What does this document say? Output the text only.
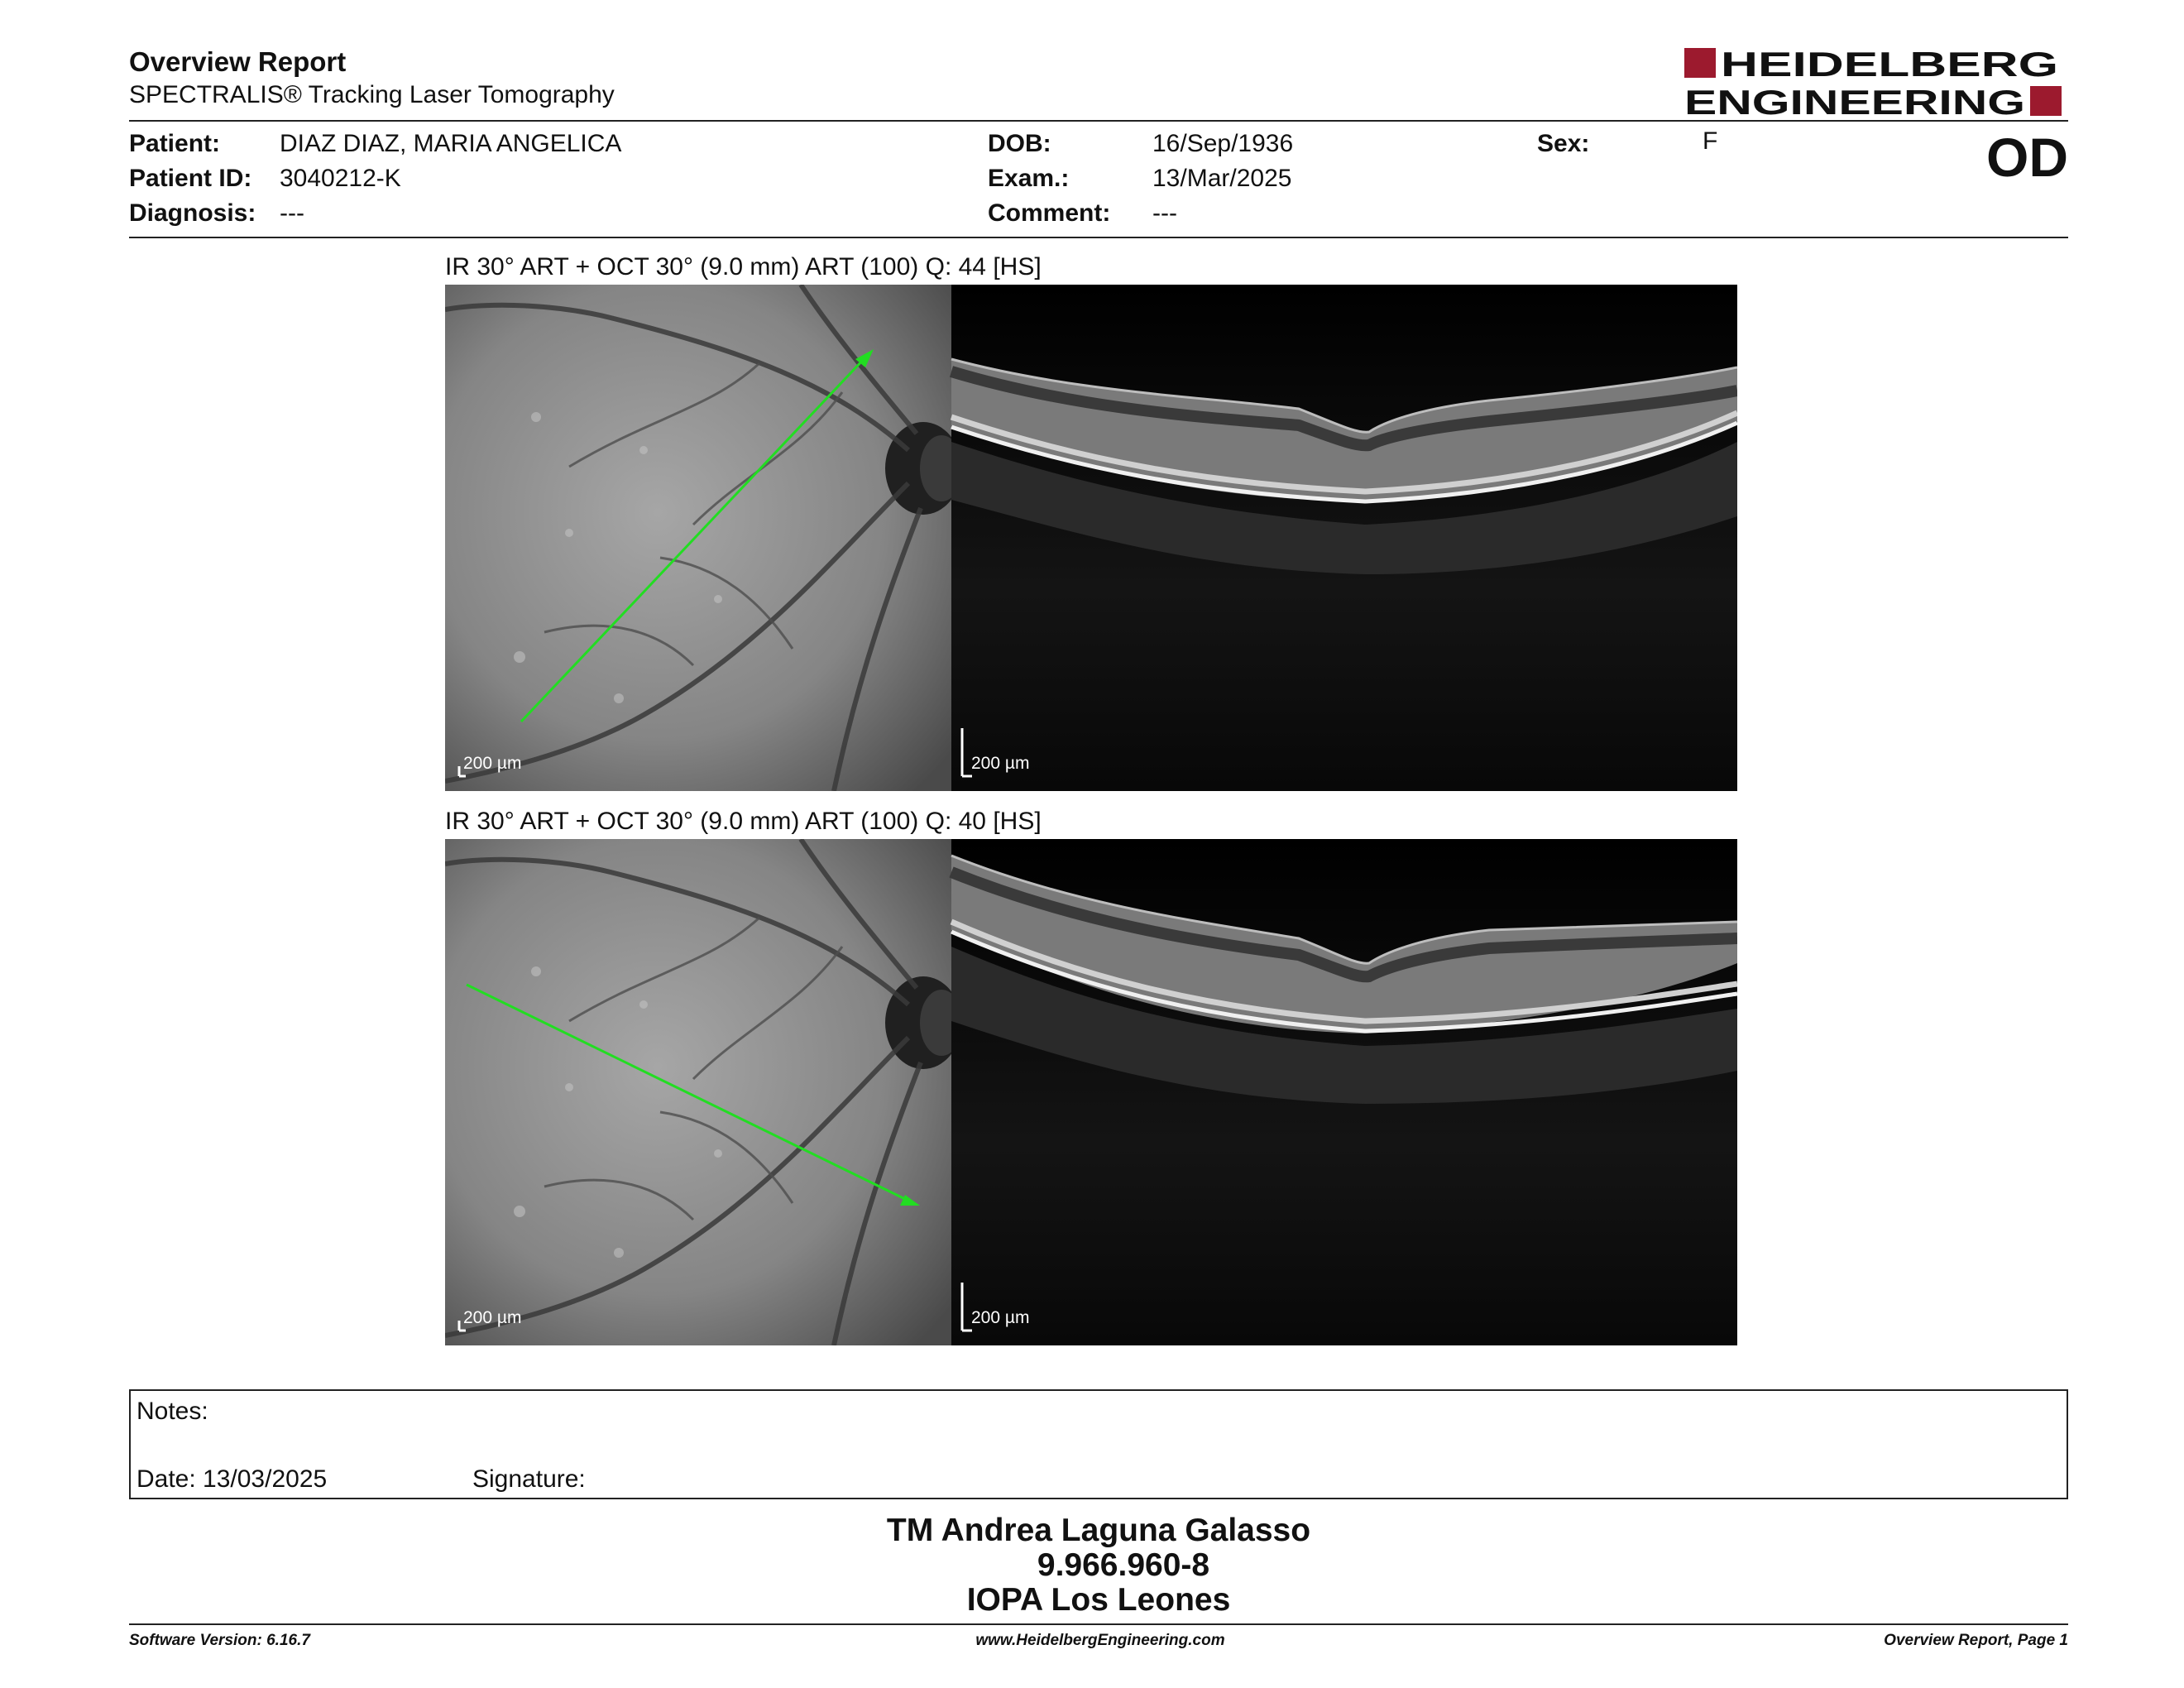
Overview Report
SPECTRALIS® Tracking Laser Tomography
HEIDELBERG
ENGINEERING
Patient: DIAZ DIAZ, MARIA ANGELICA
Patient ID: 3040212-K
Diagnosis: ---
DOB:	16/Sep/1936
Exam.:	13/Mar/2025
Comment: ---
Sex:	F	OD
IR 30° ART + OCT 30° (9.0 mm) ART (100) Q: 44 [HS]
200 µm	200 µm
IR 30° ART + OCT 30° (9.0 mm) ART (100) Q: 40 [HS]
200 µm	200 µm
Notes:
Date: 13/03/2025	Signature:
TM Andrea Laguna Galasso
9.966.960-8
IOPA Los Leones
Software Version: 6.16.7	www.HeidelbergEngineering.com	Overview Report, Page 1
